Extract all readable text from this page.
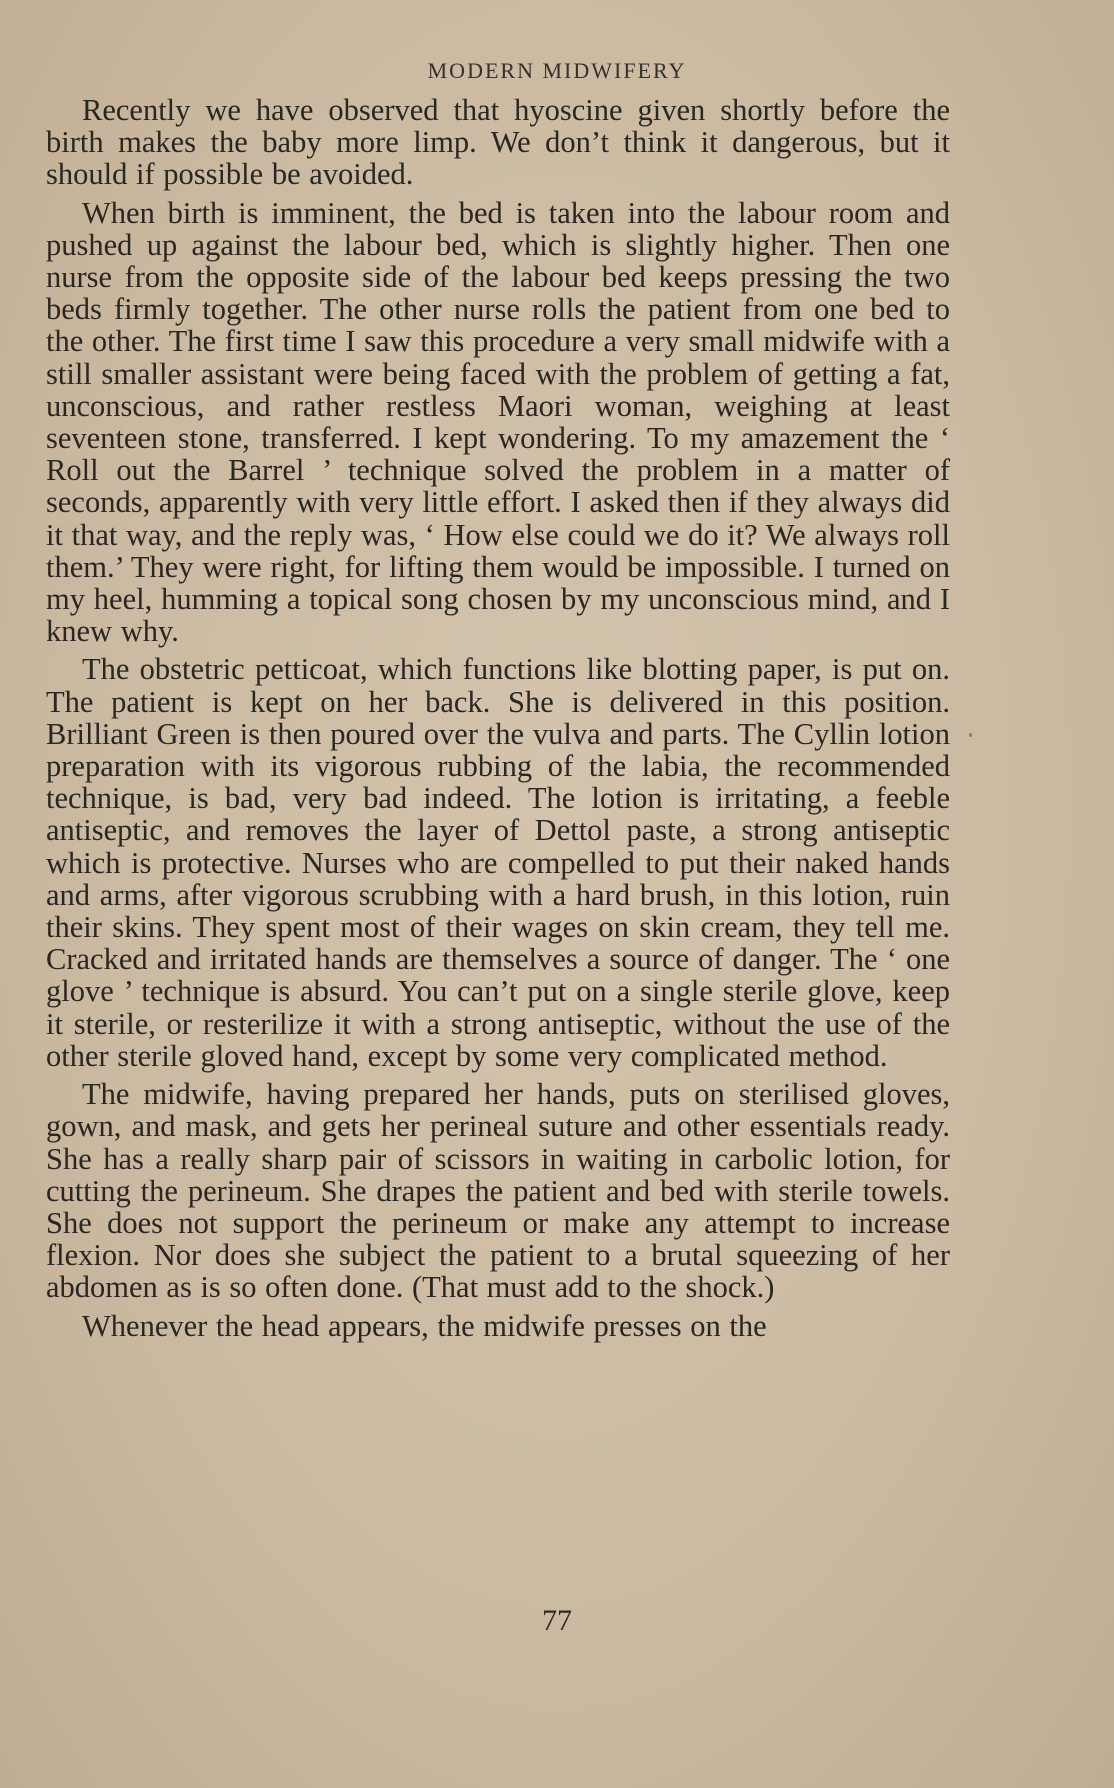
MODERN MIDWIFERY

Recently we have observed that hyoscine given shortly before the birth makes the baby more limp. We don’t think it dangerous, but it should if possible be avoided.

When birth is imminent, the bed is taken into the labour room and pushed up against the labour bed, which is slightly higher. Then one nurse from the opposite side of the labour bed keeps pressing the two beds firmly together. The other nurse rolls the patient from one bed to the other. The first time I saw this procedure a very small midwife with a still smaller assistant were being faced with the problem of getting a fat, unconscious, and rather restless Maori woman, weighing at least seventeen stone, transferred. I kept wondering. To my amazement the ‘ Roll out the Barrel ’ technique solved the problem in a matter of seconds, apparently with very little effort. I asked then if they always did it that way, and the reply was, ‘ How else could we do it? We always roll them.’ They were right, for lifting them would be impossible. I turned on my heel, humming a topical song chosen by my unconscious mind, and I knew why.

The obstetric petticoat, which functions like blotting paper, is put on. The patient is kept on her back. She is delivered in this position. Brilliant Green is then poured over the vulva and parts. The Cyllin lotion preparation with its vigorous rubbing of the labia, the recommended technique, is bad, very bad indeed. The lotion is irritating, a feeble antiseptic, and removes the layer of Dettol paste, a strong antiseptic which is protective. Nurses who are compelled to put their naked hands and arms, after vigorous scrubbing with a hard brush, in this lotion, ruin their skins. They spent most of their wages on skin cream, they tell me. Cracked and irritated hands are themselves a source of danger. The ‘ one glove ’ technique is absurd. You can’t put on a single sterile glove, keep it sterile, or resterilize it with a strong antiseptic, without the use of the other sterile gloved hand, except by some very complicated method.

The midwife, having prepared her hands, puts on sterilised gloves, gown, and mask, and gets her perineal suture and other essentials ready. She has a really sharp pair of scissors in waiting in carbolic lotion, for cutting the perineum. She drapes the patient and bed with sterile towels. She does not support the perineum or make any attempt to increase flexion. Nor does she subject the patient to a brutal squeezing of her abdomen as is so often done. (That must add to the shock.)

Whenever the head appears, the midwife presses on the

77
